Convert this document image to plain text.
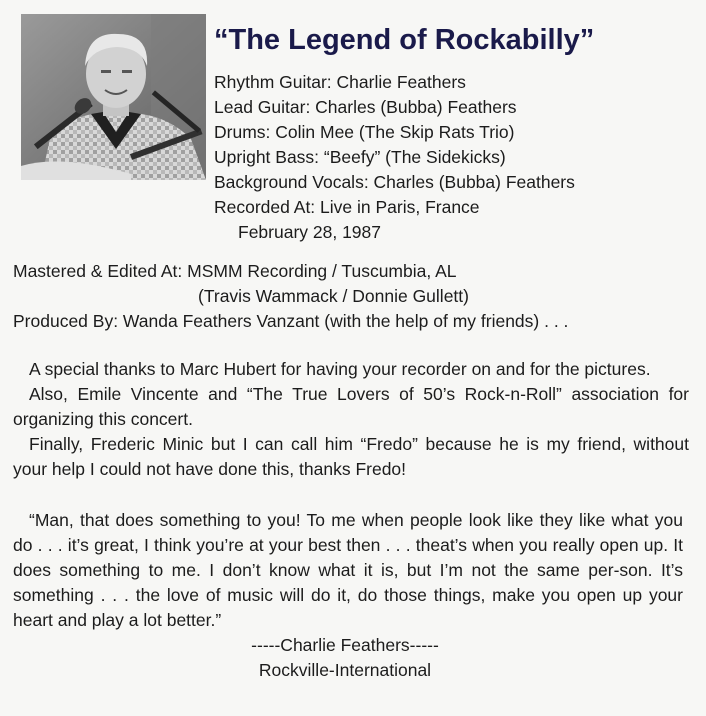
“The Legend of Rockabilly”
Rhythm Guitar: Charlie Feathers
Lead Guitar: Charles (Bubba) Feathers
Drums: Colin Mee (The Skip Rats Trio)
Upright Bass: “Beefy” (The Sidekicks)
Background Vocals: Charles (Bubba) Feathers
Recorded At: Live in Paris, France
February 28, 1987
Mastered & Edited At: MSMM Recording / Tuscumbia, AL
(Travis Wammack / Donnie Gullett)
Produced By: Wanda Feathers Vanzant (with the help of my friends) . . .

A special thanks to Marc Hubert for having your recorder on and for the pictures.

Also, Emile Vincente and “The True Lovers of 50’s Rock-n-Roll” association for organizing this concert.

Finally, Frederic Minic but I can call him “Fredo” because he is my friend, without your help I could not have done this, thanks Fredo!

“Man, that does something to you! To me when people look like they like what you do . . . it’s great, I think you’re at your best then . . . theat’s when you really open up. It does something to me. I don’t know what it is, but I’m not the same per-son. It’s something . . . the love of music will do it, do those things, make you open up your heart and play a lot better.”

-----Charlie Feathers-----
Rockville-International
